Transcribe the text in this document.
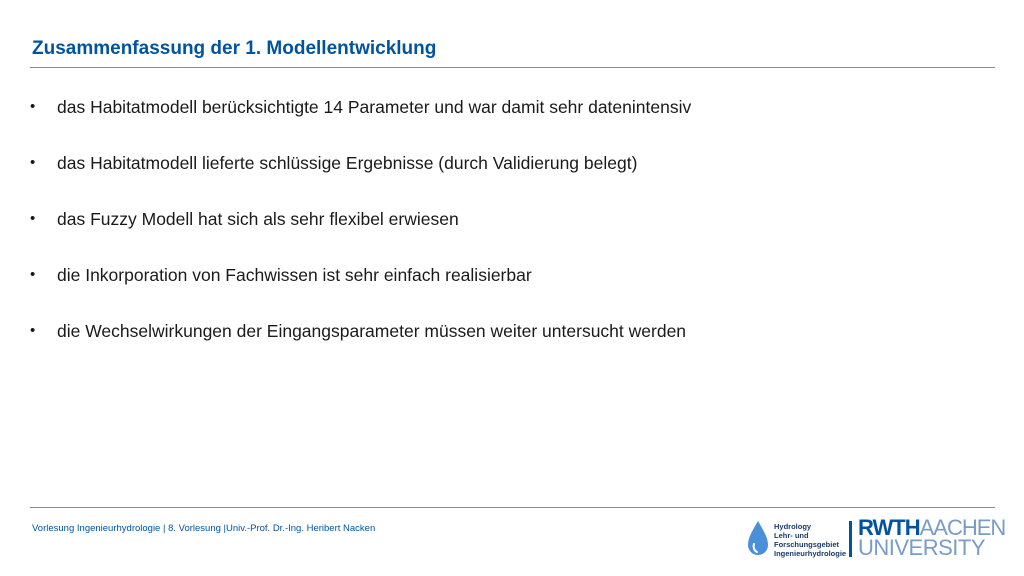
Zusammenfassung der 1. Modellentwicklung
• das Habitatmodell berücksichtigte 14 Parameter und war damit sehr datenintensiv
• das Habitatmodell lieferte schlüssige Ergebnisse (durch Validierung belegt)
• das Fuzzy Modell hat sich als sehr flexibel erwiesen
• die Inkorporation von Fachwissen ist sehr einfach realisierbar
• die Wechselwirkungen der Eingangsparameter müssen weiter untersucht werden
Vorlesung Ingenieurhydrologie | 8. Vorlesung |Univ.-Prof. Dr.-Ing. Heribert Nacken	Hydrology
Lehr- und
Forschungsgebiet
Ingenieurhydrologie
RWTHAACHEN
UNIVERSITY
